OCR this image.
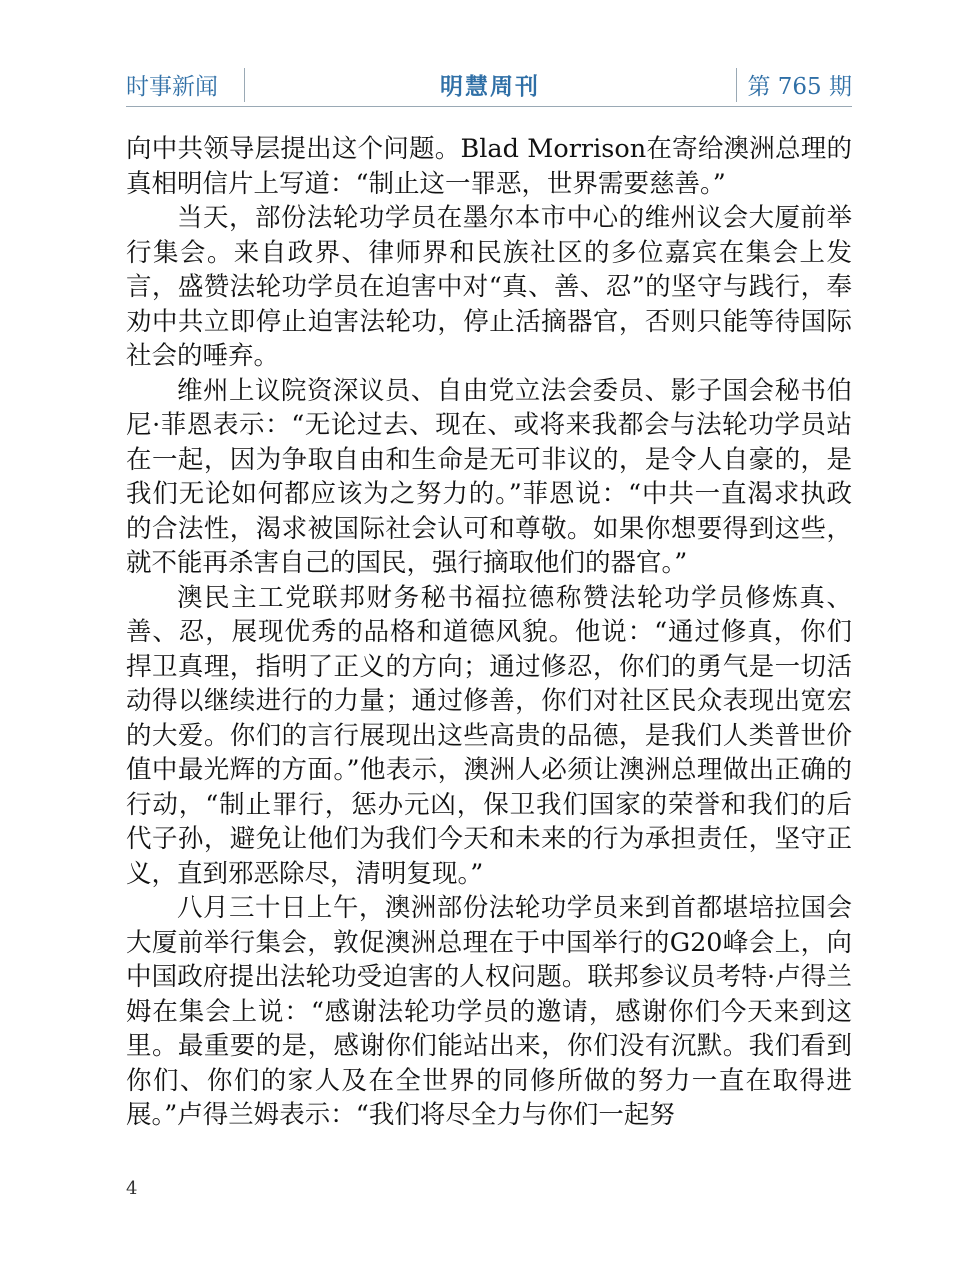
时事新闻	明慧周刊	第 765 期

向中共领导层提出这个问题。Blad Morrison在寄给澳洲总理的真相明信片上写道：“制止这一罪恶，世界需要慈善。”

当天，部份法轮功学员在墨尔本市中心的维州议会大厦前举行集会。来自政界、律师界和民族社区的多位嘉宾在集会上发言，盛赞法轮功学员在迫害中对“真、善、忍”的坚守与践行，奉劝中共立即停止迫害法轮功，停止活摘器官，否则只能等待国际社会的唾弃。

维州上议院资深议员、自由党立法会委员、影子国会秘书伯尼·菲恩表示：“无论过去、现在、或将来我都会与法轮功学员站在一起，因为争取自由和生命是无可非议的，是令人自豪的，是我们无论如何都应该为之努力的。”菲恩说：“中共一直渴求执政的合法性，渴求被国际社会认可和尊敬。如果你想要得到这些，就不能再杀害自己的国民，强行摘取他们的器官。”

澳民主工党联邦财务秘书福拉德称赞法轮功学员修炼真、善、忍，展现优秀的品格和道德风貌。他说：“通过修真，你们捍卫真理，指明了正义的方向；通过修忍，你们的勇气是一切活动得以继续进行的力量；通过修善，你们对社区民众表现出宽宏的大爱。你们的言行展现出这些高贵的品德，是我们人类普世价值中最光辉的方面。”他表示，澳洲人必须让澳洲总理做出正确的行动，“制止罪行，惩办元凶，保卫我们国家的荣誉和我们的后代子孙，避免让他们为我们今天和未来的行为承担责任，坚守正义，直到邪恶除尽，清明复现。”

八月三十日上午，澳洲部份法轮功学员来到首都堪培拉国会大厦前举行集会，敦促澳洲总理在于中国举行的G20峰会上，向中国政府提出法轮功受迫害的人权问题。联邦参议员考特·卢得兰姆在集会上说：“感谢法轮功学员的邀请，感谢你们今天来到这里。最重要的是，感谢你们能站出来，你们没有沉默。我们看到你们、你们的家人及在全世界的同修所做的努力一直在取得进展。”卢得兰姆表示：“我们将尽全力与你们一起努

4
